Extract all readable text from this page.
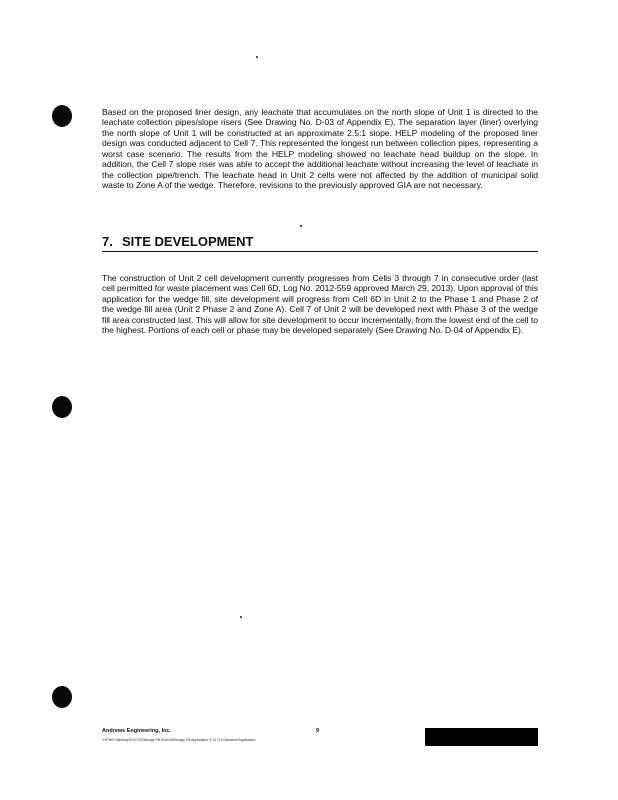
Based on the proposed liner design, any leachate that accumulates on the north slope of Unit 1 is directed to the leachate collection pipes/slope risers (See Drawing No. D-03 of Appendix E). The separation layer (liner) overlying the north slope of Unit 1 will be constructed at an approximate 2.5:1 slope. HELP modeling of the proposed liner design was conducted adjacent to Cell 7. This represented the longest run between collection pipes, representing a worst case scenario. The results from the HELP modeling showed no leachate head buildup on the slope. In addition, the Cell 7 slope riser was able to accept the additional leachate without increasing the level of leachate in the collection pipe/trench. The leachate head in Unit 2 cells were not affected by the addition of municipal solid waste to Zone A of the wedge. Therefore, revisions to the previously approved GIA are not necessary.

7. SITE DEVELOPMENT

The construction of Unit 2 cell development currently progresses from Cells 3 through 7 in consecutive order (last cell permitted for waste placement was Cell 6D, Log No. 2012-559 approved March 29, 2013). Upon approval of this application for the wedge fill, site development will progress from Cell 6D in Unit 2 to the Phase 1 and Phase 2 of the wedge fill area (Unit 2 Phase 2 and Zone A). Cell 7 of Unit 2 will be developed next with Phase 3 of the wedge fill area constructed last. This will allow for site development to occur incrementally, from the lowest end of the cell to the highest. Portions of each cell or phase may be developed separately (See Drawing No. D-04 of Appendix E).

Andrews Engineering, Inc.	9
J:\F\WS Stickney\OOCOS\Wedge Fill Ext\GIA\Wedge Fill Application 9-13 C/1 Narrative/Application
